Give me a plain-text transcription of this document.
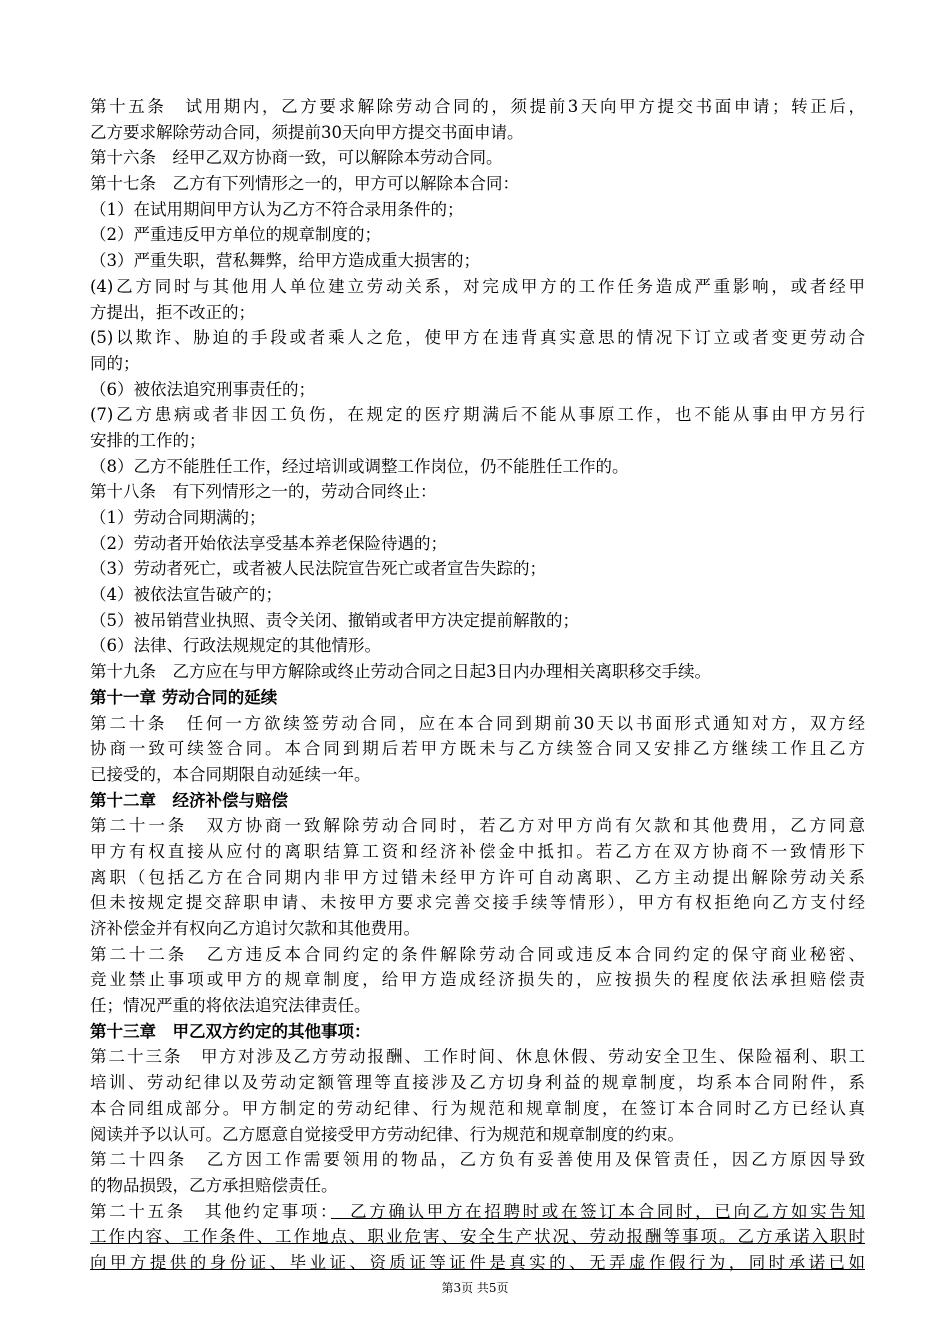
第十五条　试用期内，乙方要求解除劳动合同的，须提前3天向甲方提交书面申请；转正后，
乙方要求解除劳动合同，须提前30天向甲方提交书面申请。
第十六条　经甲乙双方协商一致，可以解除本劳动合同。
第十七条　乙方有下列情形之一的，甲方可以解除本合同：
（1）在试用期间甲方认为乙方不符合录用条件的；
（2）严重违反甲方单位的规章制度的；
（3）严重失职，营私舞弊，给甲方造成重大损害的；
(4)乙方同时与其他用人单位建立劳动关系，对完成甲方的工作任务造成严重影响，或者经甲
方提出，拒不改正的；
(5)以欺诈、胁迫的手段或者乘人之危，使甲方在违背真实意思的情况下订立或者变更劳动合
同的；
（6）被依法追究刑事责任的；
(7)乙方患病或者非因工负伤，在规定的医疗期满后不能从事原工作，也不能从事由甲方另行
安排的工作的；
（8）乙方不能胜任工作，经过培训或调整工作岗位，仍不能胜任工作的。
第十八条　有下列情形之一的，劳动合同终止：
（1）劳动合同期满的；
（2）劳动者开始依法享受基本养老保险待遇的；
（3）劳动者死亡，或者被人民法院宣告死亡或者宣告失踪的；
（4）被依法宣告破产的；
（5）被吊销营业执照、责令关闭、撤销或者甲方决定提前解散的；
（6）法律、行政法规规定的其他情形。
第十九条　乙方应在与甲方解除或终止劳动合同之日起3日内办理相关离职移交手续。
第十一章 劳动合同的延续
第二十条　任何一方欲续签劳动合同，应在本合同到期前30天以书面形式通知对方，双方经
协商一致可续签合同。本合同到期后若甲方既未与乙方续签合同又安排乙方继续工作且乙方
已接受的，本合同期限自动延续一年。
第十二章　经济补偿与赔偿
第二十一条　双方协商一致解除劳动合同时，若乙方对甲方尚有欠款和其他费用，乙方同意
甲方有权直接从应付的离职结算工资和经济补偿金中抵扣。若乙方在双方协商不一致情形下
离职（包括乙方在合同期内非甲方过错未经甲方许可自动离职、乙方主动提出解除劳动关系
但未按规定提交辞职申请、未按甲方要求完善交接手续等情形），甲方有权拒绝向乙方支付经
济补偿金并有权向乙方追讨欠款和其他费用。
第二十二条　乙方违反本合同约定的条件解除劳动合同或违反本合同约定的保守商业秘密、
竞业禁止事项或甲方的规章制度，给甲方造成经济损失的，应按损失的程度依法承担赔偿责
任；情况严重的将依法追究法律责任。
第十三章　甲乙双方约定的其他事项：
第二十三条　甲方对涉及乙方劳动报酬、工作时间、休息休假、劳动安全卫生、保险福利、职工
培训、劳动纪律以及劳动定额管理等直接涉及乙方切身利益的规章制度，均系本合同附件，系
本合同组成部分。甲方制定的劳动纪律、行为规范和规章制度，在签订本合同时乙方已经认真
阅读并予以认可。乙方愿意自觉接受甲方劳动纪律、行为规范和规章制度的约束。
第二十四条　乙方因工作需要领用的物品，乙方负有妥善使用及保管责任，因乙方原因导致
的物品损毁，乙方承担赔偿责任。
第二十五条　其他约定事项：　乙方确认甲方在招聘时或在签订本合同时，已向乙方如实告知
工作内容、工作条件、工作地点、职业危害、安全生产状况、劳动报酬等事项。乙方承诺入职时
向甲方提供的身份证、毕业证、资质证等证件是真实的、无弄虚作假行为，同时承诺已如
第3页 共5页
